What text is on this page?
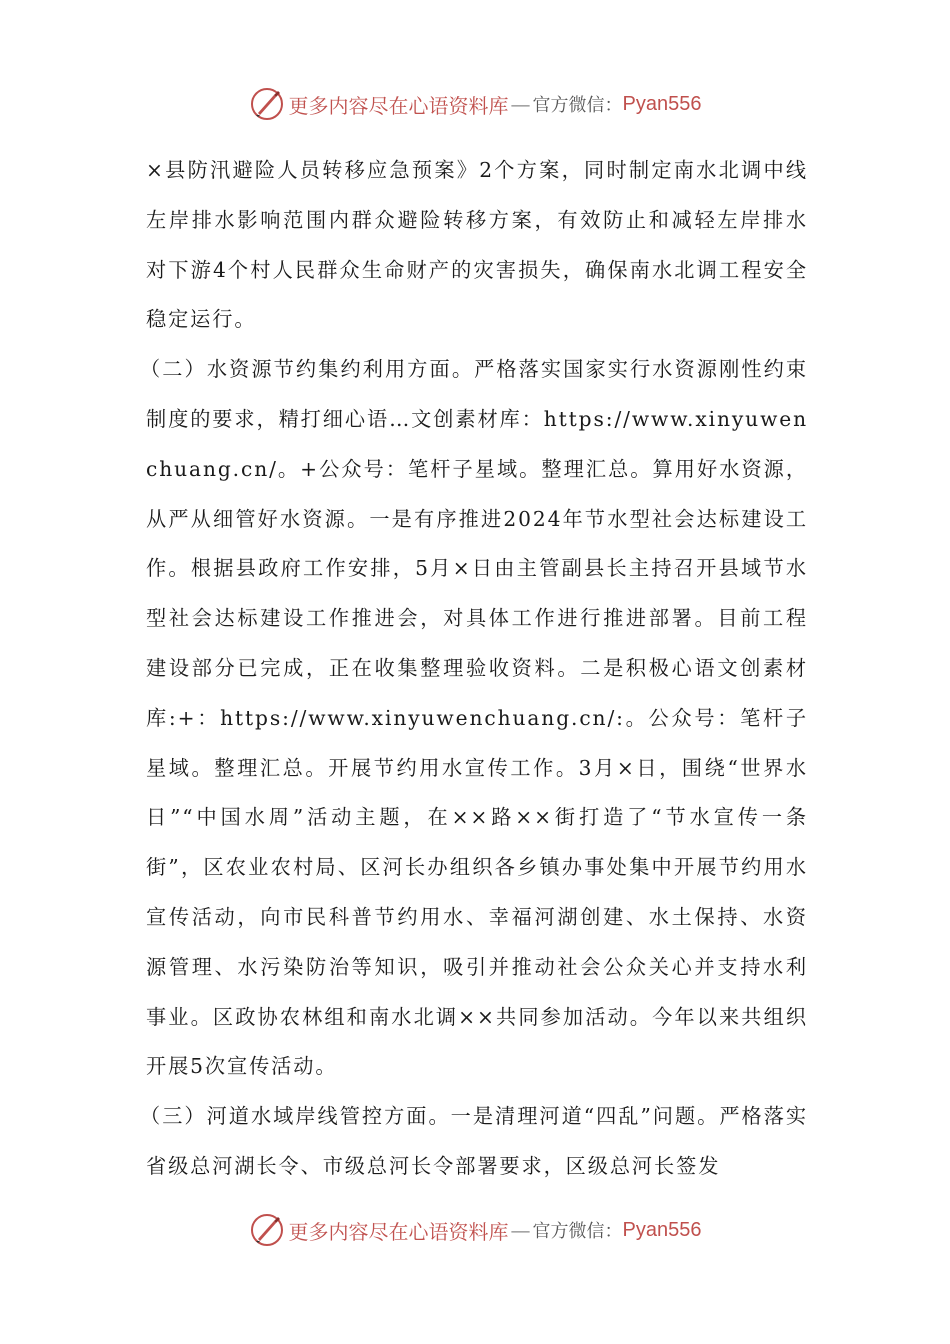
更多内容尽在心语资料库 — 官方微信： Pyan556

×县防汛避险人员转移应急预案》2个方案，同时制定南水北调中线左岸排水影响范围内群众避险转移方案，有效防止和减轻左岸排水对下游4个村人民群众生命财产的灾害损失，确保南水北调工程安全稳定运行。

（二）水资源节约集约利用方面。严格落实国家实行水资源刚性约束制度的要求，精打细心语…文创素材库：https://www.xinyuwenchuang.cn/。+公众号：笔杆子星域。整理汇总。算用好水资源，从严从细管好水资源。一是有序推进2024年节水型社会达标建设工作。根据县政府工作安排，5月×日由主管副县长主持召开县域节水型社会达标建设工作推进会，对具体工作进行推进部署。目前工程建设部分已完成，正在收集整理验收资料。二是积极心语文创素材库:+：https://www.xinyuwenchuang.cn/:。公众号：笔杆子星域。整理汇总。开展节约用水宣传工作。3月×日，围绕“世界水日”“中国水周”活动主题，在××路××街打造了“节水宣传一条街”，区农业农村局、区河长办组织各乡镇办事处集中开展节约用水宣传活动，向市民科普节约用水、幸福河湖创建、水土保持、水资源管理、水污染防治等知识，吸引并推动社会公众关心并支持水利事业。区政协农林组和南水北调××共同参加活动。今年以来共组织开展5次宣传活动。

（三）河道水域岸线管控方面。一是清理河道“四乱”问题。严格落实省级总河湖长令、市级总河长令部署要求，区级总河长签发

更多内容尽在心语资料库 — 官方微信： Pyan556
